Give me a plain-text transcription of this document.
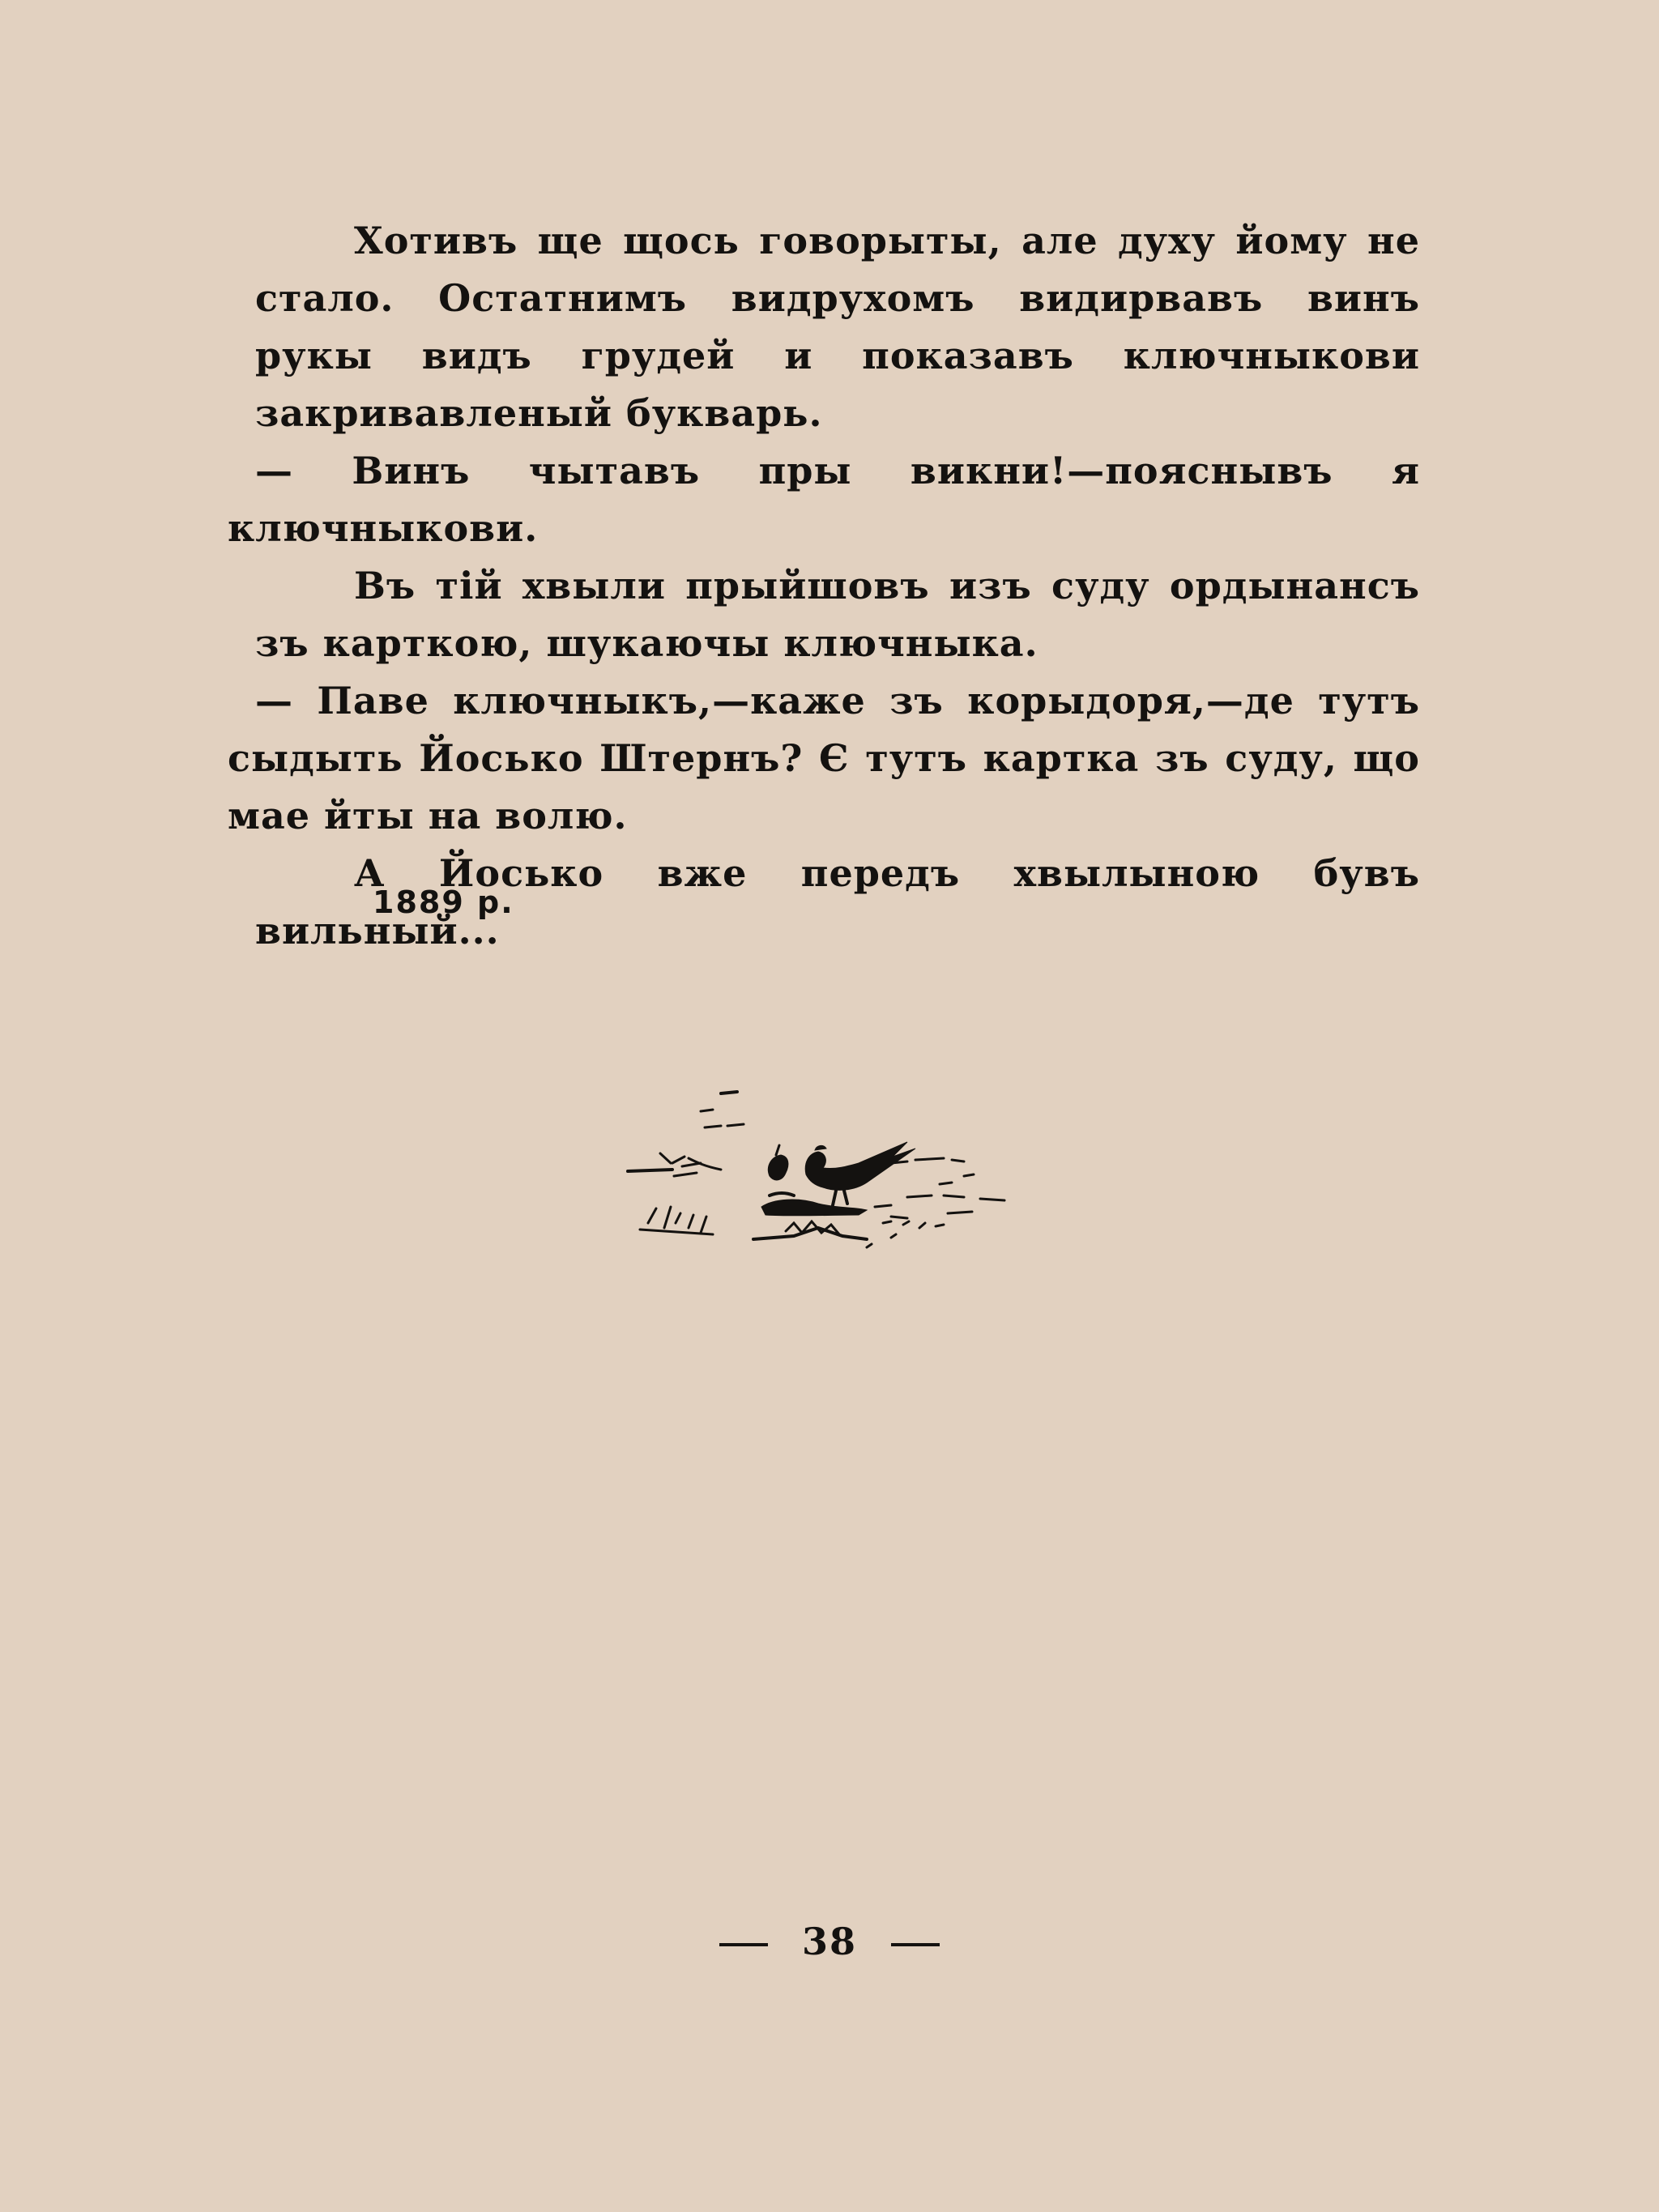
Хотивъ ще щось говорыты, але духу йому не стало. Остатнимъ видрухомъ видирвавъ винъ рукы видъ грудей и показавъ ключныкови закривавленый букварь.

— Винъ чытавъ пры викни!—пояснывъ я ключныкови.

Въ тій хвыли прыйшовъ изъ суду ордынансъ зъ карткою, шукаючы ключныка.

— Паве ключныкъ,—каже зъ корыдоря,—де тутъ сыдыть Йосько Штернъ? Є тутъ картка зъ суду, що мае йты на волю.

А Йосько вже передъ хвылыною бувъ вильный...

1889 р.
38
